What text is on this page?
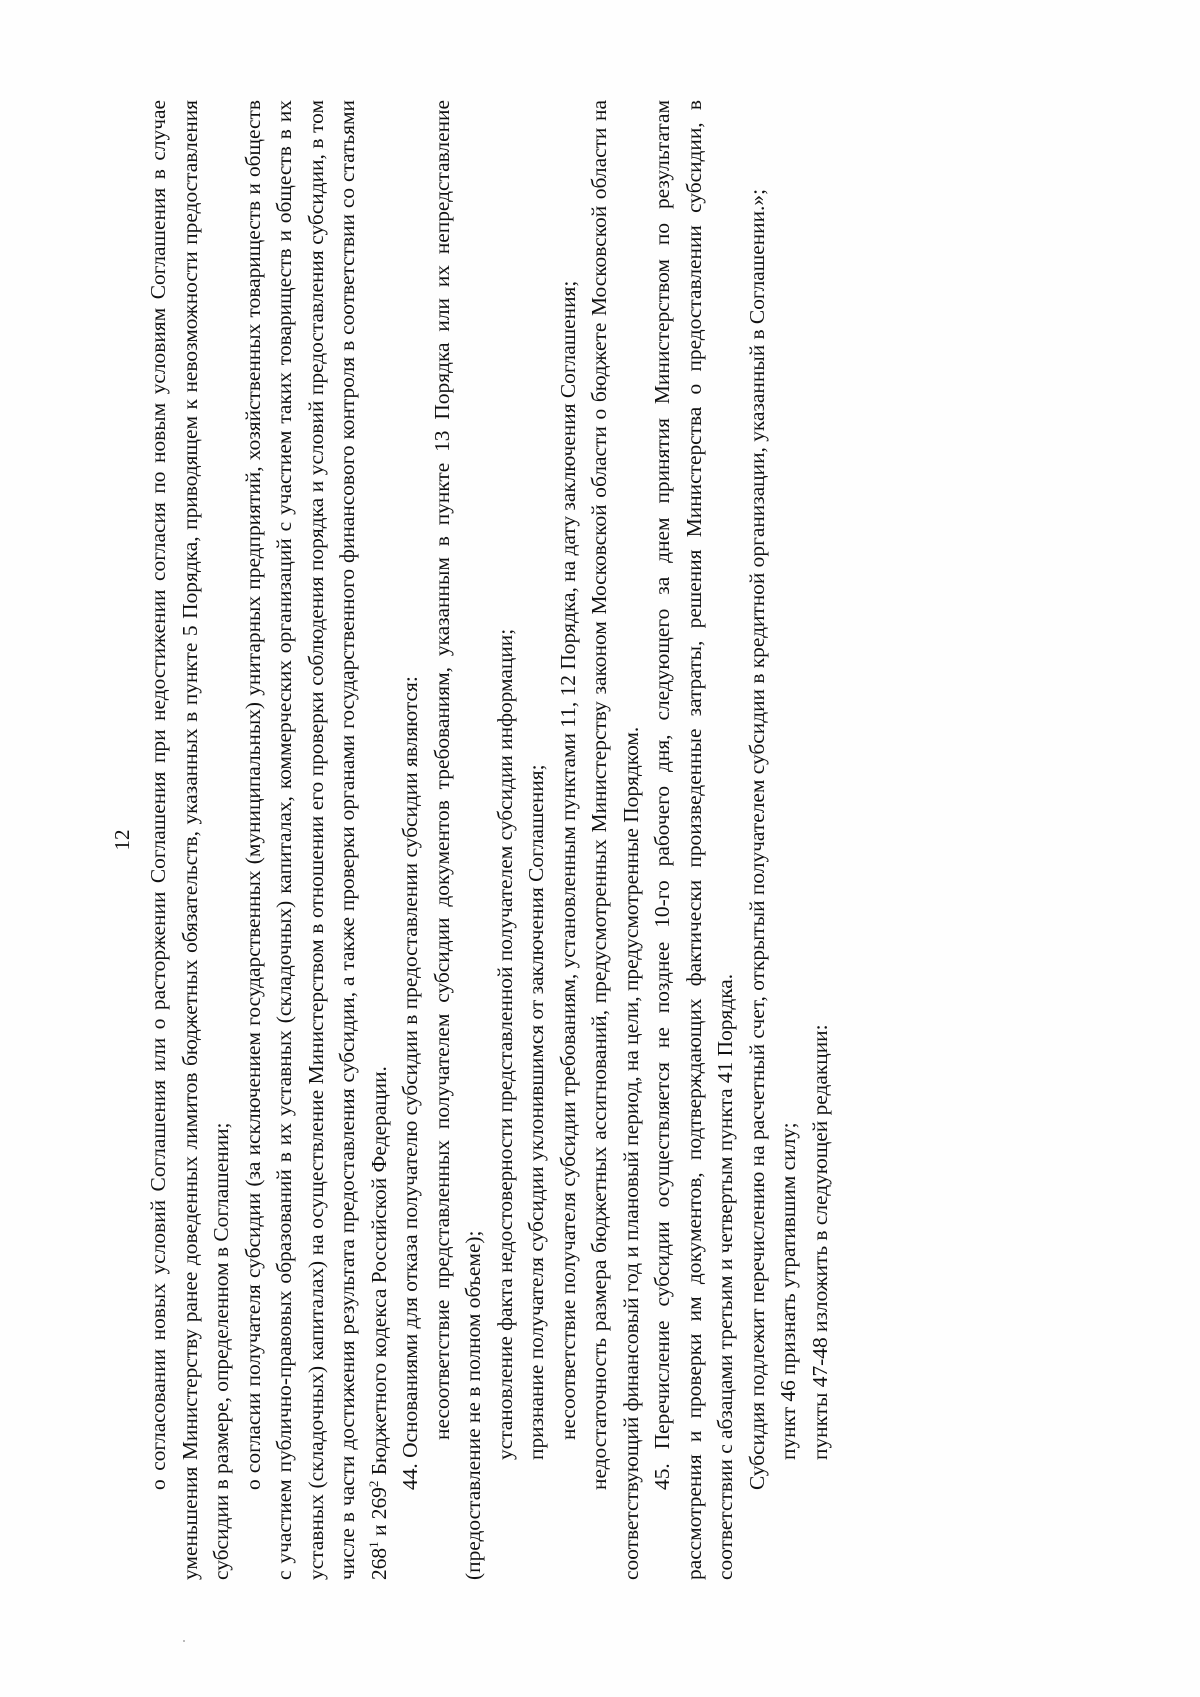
12 о согласовании новых условий Соглашения или о расторжении Соглашения при недостижении согласия по новым условиям Соглашения в случае уменьшения Министерству ранее доведенных лимитов бюджетных обязательств, указанных в пункте 5 Порядка, приводящем к невозможности предоставления субсидии в размере, определенном в Соглашении; о согласии получателя субсидии (за исключением государственных (муниципальных) унитарных предприятий, хозяйственных товариществ и обществ с участием публично-правовых образований в их уставных (складочных) капиталах, коммерческих организаций с участием таких товариществ и обществ в их уставных (складочных) капиталах) на осуществление Министерством в отношении его проверки соблюдения порядка и условий предоставления субсидии, в том числе в части достижения результата предоставления субсидии, а также проверки органами государственного финансового контроля в соответствии со статьями $268^1$ и $269^2$ Бюджетного кодекса Российской Федерации. 44. Основаниями для отказа получателю субсидии в предоставлении субсидии являются: несоответствие представленных получателем субсидии документов требованиям, указанным в пункте 13 Порядка или их непредставление (предоставление не в полном объеме); установление факта недостоверности представленной получателем субсидии информации; признание получателя субсидии уклонившимся от заключения Соглашения; несоответствие получателя субсидии требованиям, установленным пунктами 11, 12 Порядка, на дату заключения Соглашения; недостаточность размера бюджетных ассигнований, предусмотренных Министерству законом Московской области о бюджете Московской области на соответствующий финансовый год и плановый период, на цели, предусмотренные Порядком. 45. Перечисление субсидии осуществляется не позднее 10-го рабочего дня, следующего за днем принятия Министерством по результатам рассмотрения и проверки им документов, подтверждающих фактически произведенные затраты, решения Министерства о предоставлении субсидии, в соответствии с абзацами третьим и четвертым пункта 41 Порядка. Субсидия подлежит перечислению на расчетный счет, открытый получателем субсидии в кредитной организации, указанный в Соглашении.»; пункт 46 признать утратившим силу; пункты 47-48 изложить в следующей редакции:
